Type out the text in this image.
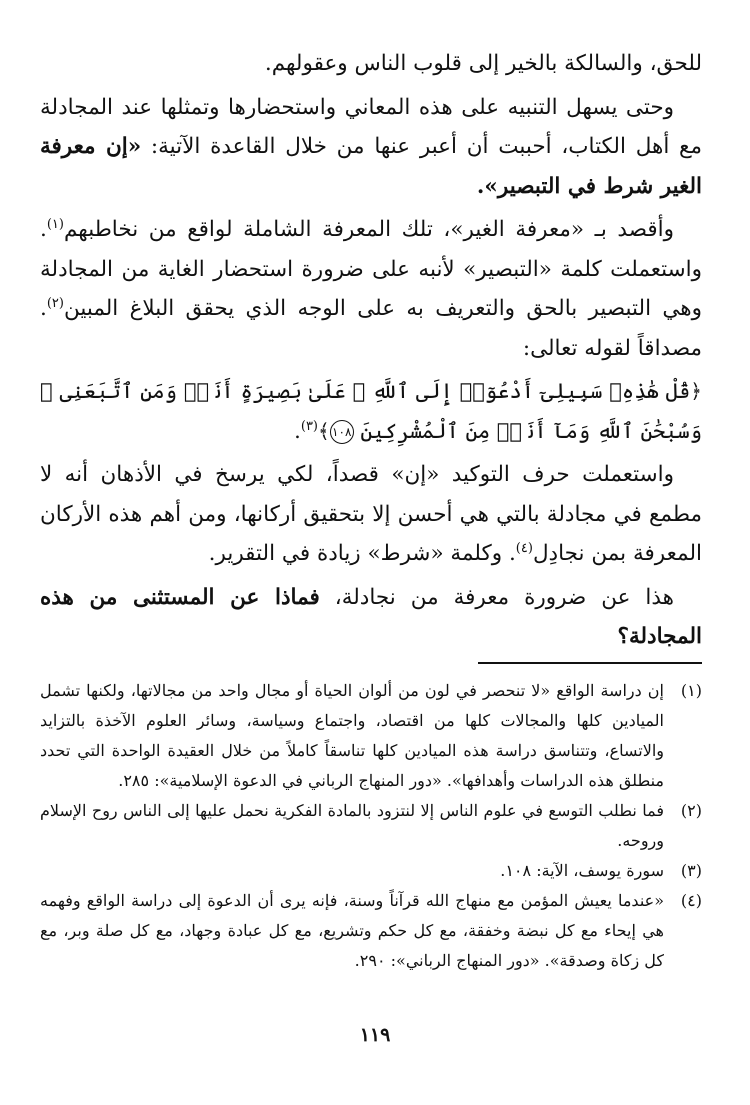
للحق، والسالكة بالخير إلى قلوب الناس وعقولهم.

وحتى يسهل التنبيه على هذه المعاني واستحضارها وتمثلها عند المجادلة مع أهل الكتاب، أحببت أن أعبر عنها من خلال القاعدة الآتية: «إن معرفة الغير شرط في التبصير».

وأقصد بـ «معرفة الغير»، تلك المعرفة الشاملة لواقع من نخاطبهم$^{(١)}$. واستعملت كلمة «التبصير» لأنبه على ضرورة استحضار الغاية من المجادلة وهي التبصير بالحق والتعريف به على الوجه الذي يحقق البلاغ المبين$^{(٢)}$. مصداقاً لقوله تعالى:

﴿قُلْ هَٰذِهِۦ سَبِيلِىٓ أَدْعُوٓا۟ إِلَى ٱللَّهِ ۚ عَلَىٰ بَصِيرَةٍ أَنَا۠ وَمَنِ ٱتَّبَعَنِى ۖ وَسُبْحَٰنَ ٱللَّهِ وَمَآ أَنَا۠ مِنَ ٱلْمُشْرِكِينَ ١٠٨﴾$^{(٣)}$.

واستعملت حرف التوكيد «إن» قصداً، لكي يرسخ في الأذهان أنه لا مطمع في مجادلة بالتي هي أحسن إلا بتحقيق أركانها، ومن أهم هذه الأركان المعرفة بمن نجادِل$^{(٤)}$. وكلمة «شرط» زيادة في التقرير.

هذا عن ضرورة معرفة من نجادلة، فماذا عن المستثنى من هذه المجادلة؟

(١)
إن دراسة الواقع «لا تنحصر في لون من ألوان الحياة أو مجال واحد من مجالاتها، ولكنها تشمل الميادين كلها والمجالات كلها من اقتصاد، واجتماع وسياسة، وسائر العلوم الآخذة بالتزايد والاتساع، وتتناسق دراسة هذه الميادين كلها تناسقاً كاملاً من خلال العقيدة الواحدة التي تحدد منطلق هذه الدراسات وأهدافها». «دور المنهاج الرباني في الدعوة الإسلامية»: ٢٨٥.
(٢)
فما نطلب التوسع في علوم الناس إلا لنتزود بالمادة الفكرية نحمل عليها إلى الناس روح الإسلام وروحه.
(٣)
سورة يوسف، الآية: ١٠٨.
(٤)
«عندما يعيش المؤمن مع منهاج الله قرآناً وسنة، فإنه يرى أن الدعوة إلى دراسة الواقع وفهمه هي إيحاء مع كل نبضة وخفقة، مع كل حكم وتشريع، مع كل عبادة وجهاد، مع كل صلة وبر، مع كل زكاة وصدقة». «دور المنهاج الرباني»: ٢٩٠.
١١٩
